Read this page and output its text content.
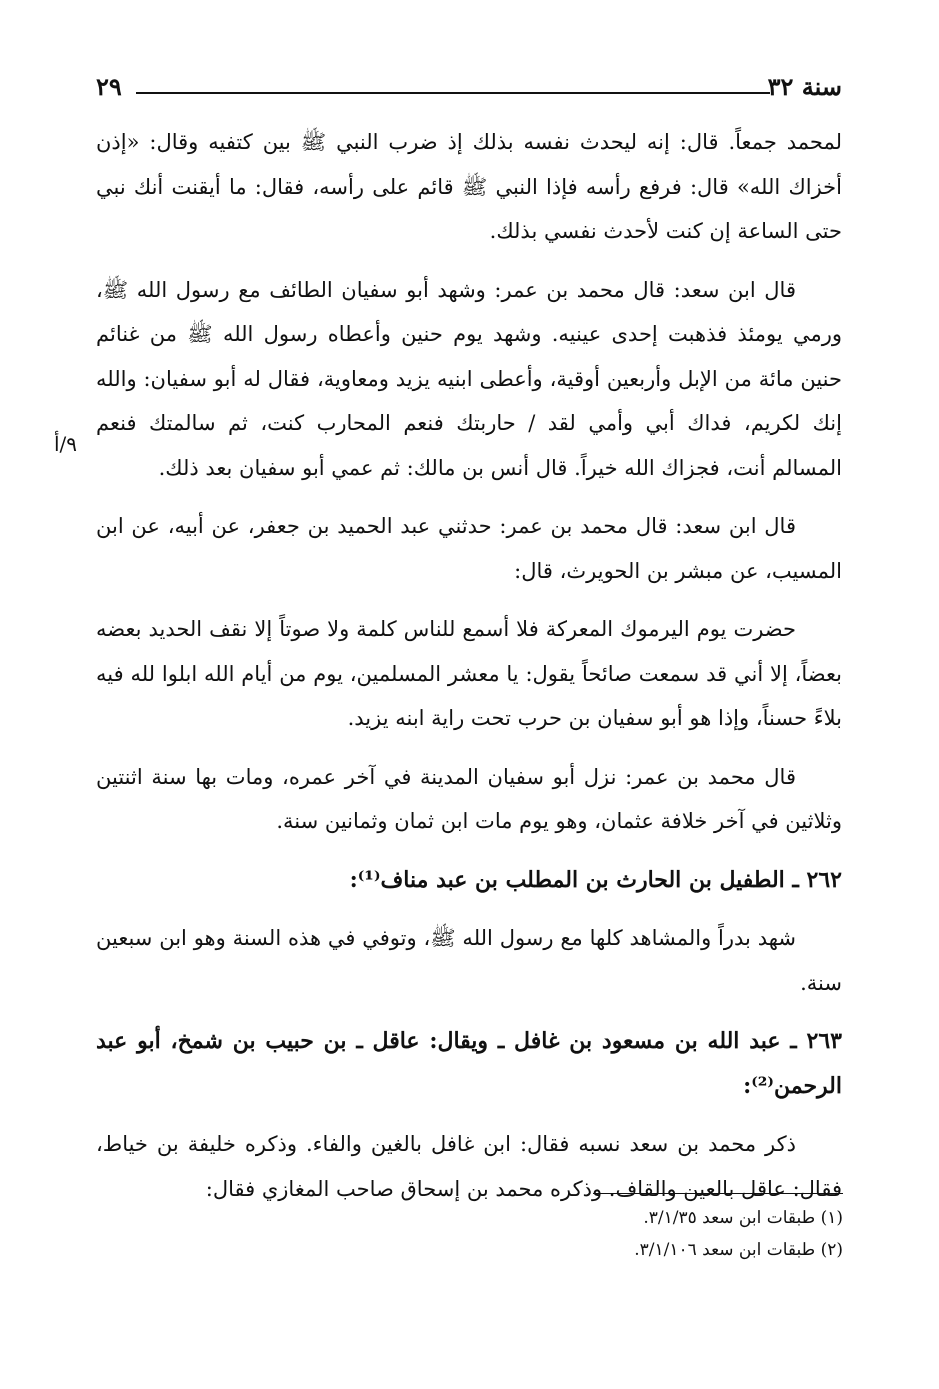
سنة ٣٢
٢٩
٩/أ

لمحمد جمعاً. قال: إنه ليحدث نفسه بذلك إذ ضرب النبي ﷺ بين كتفيه وقال: «إذن أخزاك الله» قال: فرفع رأسه فإذا النبي ﷺ قائم على رأسه، فقال: ما أيقنت أنك نبي حتى الساعة إن كنت لأحدث نفسي بذلك.

قال ابن سعد: قال محمد بن عمر: وشهد أبو سفيان الطائف مع رسول الله ﷺ، ورمي يومئذ فذهبت إحدى عينيه. وشهد يوم حنين وأعطاه رسول الله ﷺ من غنائم حنين مائة من الإبل وأربعين أوقية، وأعطى ابنيه يزيد ومعاوية، فقال له أبو سفيان: والله إنك لكريم، فداك أبي وأمي لقد / حاربتك فنعم المحارب كنت، ثم سالمتك فنعم المسالم أنت، فجزاك الله خيراً. قال أنس بن مالك: ثم عمي أبو سفيان بعد ذلك.

قال ابن سعد: قال محمد بن عمر: حدثني عبد الحميد بن جعفر، عن أبيه، عن ابن المسيب، عن مبشر بن الحويرث، قال:

حضرت يوم اليرموك المعركة فلا أسمع للناس كلمة ولا صوتاً إلا نقف الحديد بعضه بعضاً، إلا أني قد سمعت صائحاً يقول: يا معشر المسلمين، يوم من أيام الله ابلوا لله فيه بلاءً حسناً، وإذا هو أبو سفيان بن حرب تحت راية ابنه يزيد.

قال محمد بن عمر: نزل أبو سفيان المدينة في آخر عمره، ومات بها سنة اثنتين وثلاثين في آخر خلافة عثمان، وهو يوم مات ابن ثمان وثمانين سنة.

٢٦٢ ـ الطفيل بن الحارث بن المطلب بن عبد مناف⁽¹⁾:

شهد بدراً والمشاهد كلها مع رسول الله ﷺ، وتوفي في هذه السنة وهو ابن سبعين سنة.

٢٦٣ ـ عبد الله بن مسعود بن غافل ـ ويقال: عاقل ـ بن حبيب بن شمخ، أبو عبد الرحمن⁽²⁾:

ذكر محمد بن سعد نسبه فقال: ابن غافل بالغين والفاء. وذكره خليفة بن خياط، فقال: عاقل بالعين والقاف. وذكره محمد بن إسحاق صاحب المغازي فقال:

(١) طبقات ابن سعد ٣/١/٣٥.
(٢) طبقات ابن سعد ٣/١/١٠٦.
